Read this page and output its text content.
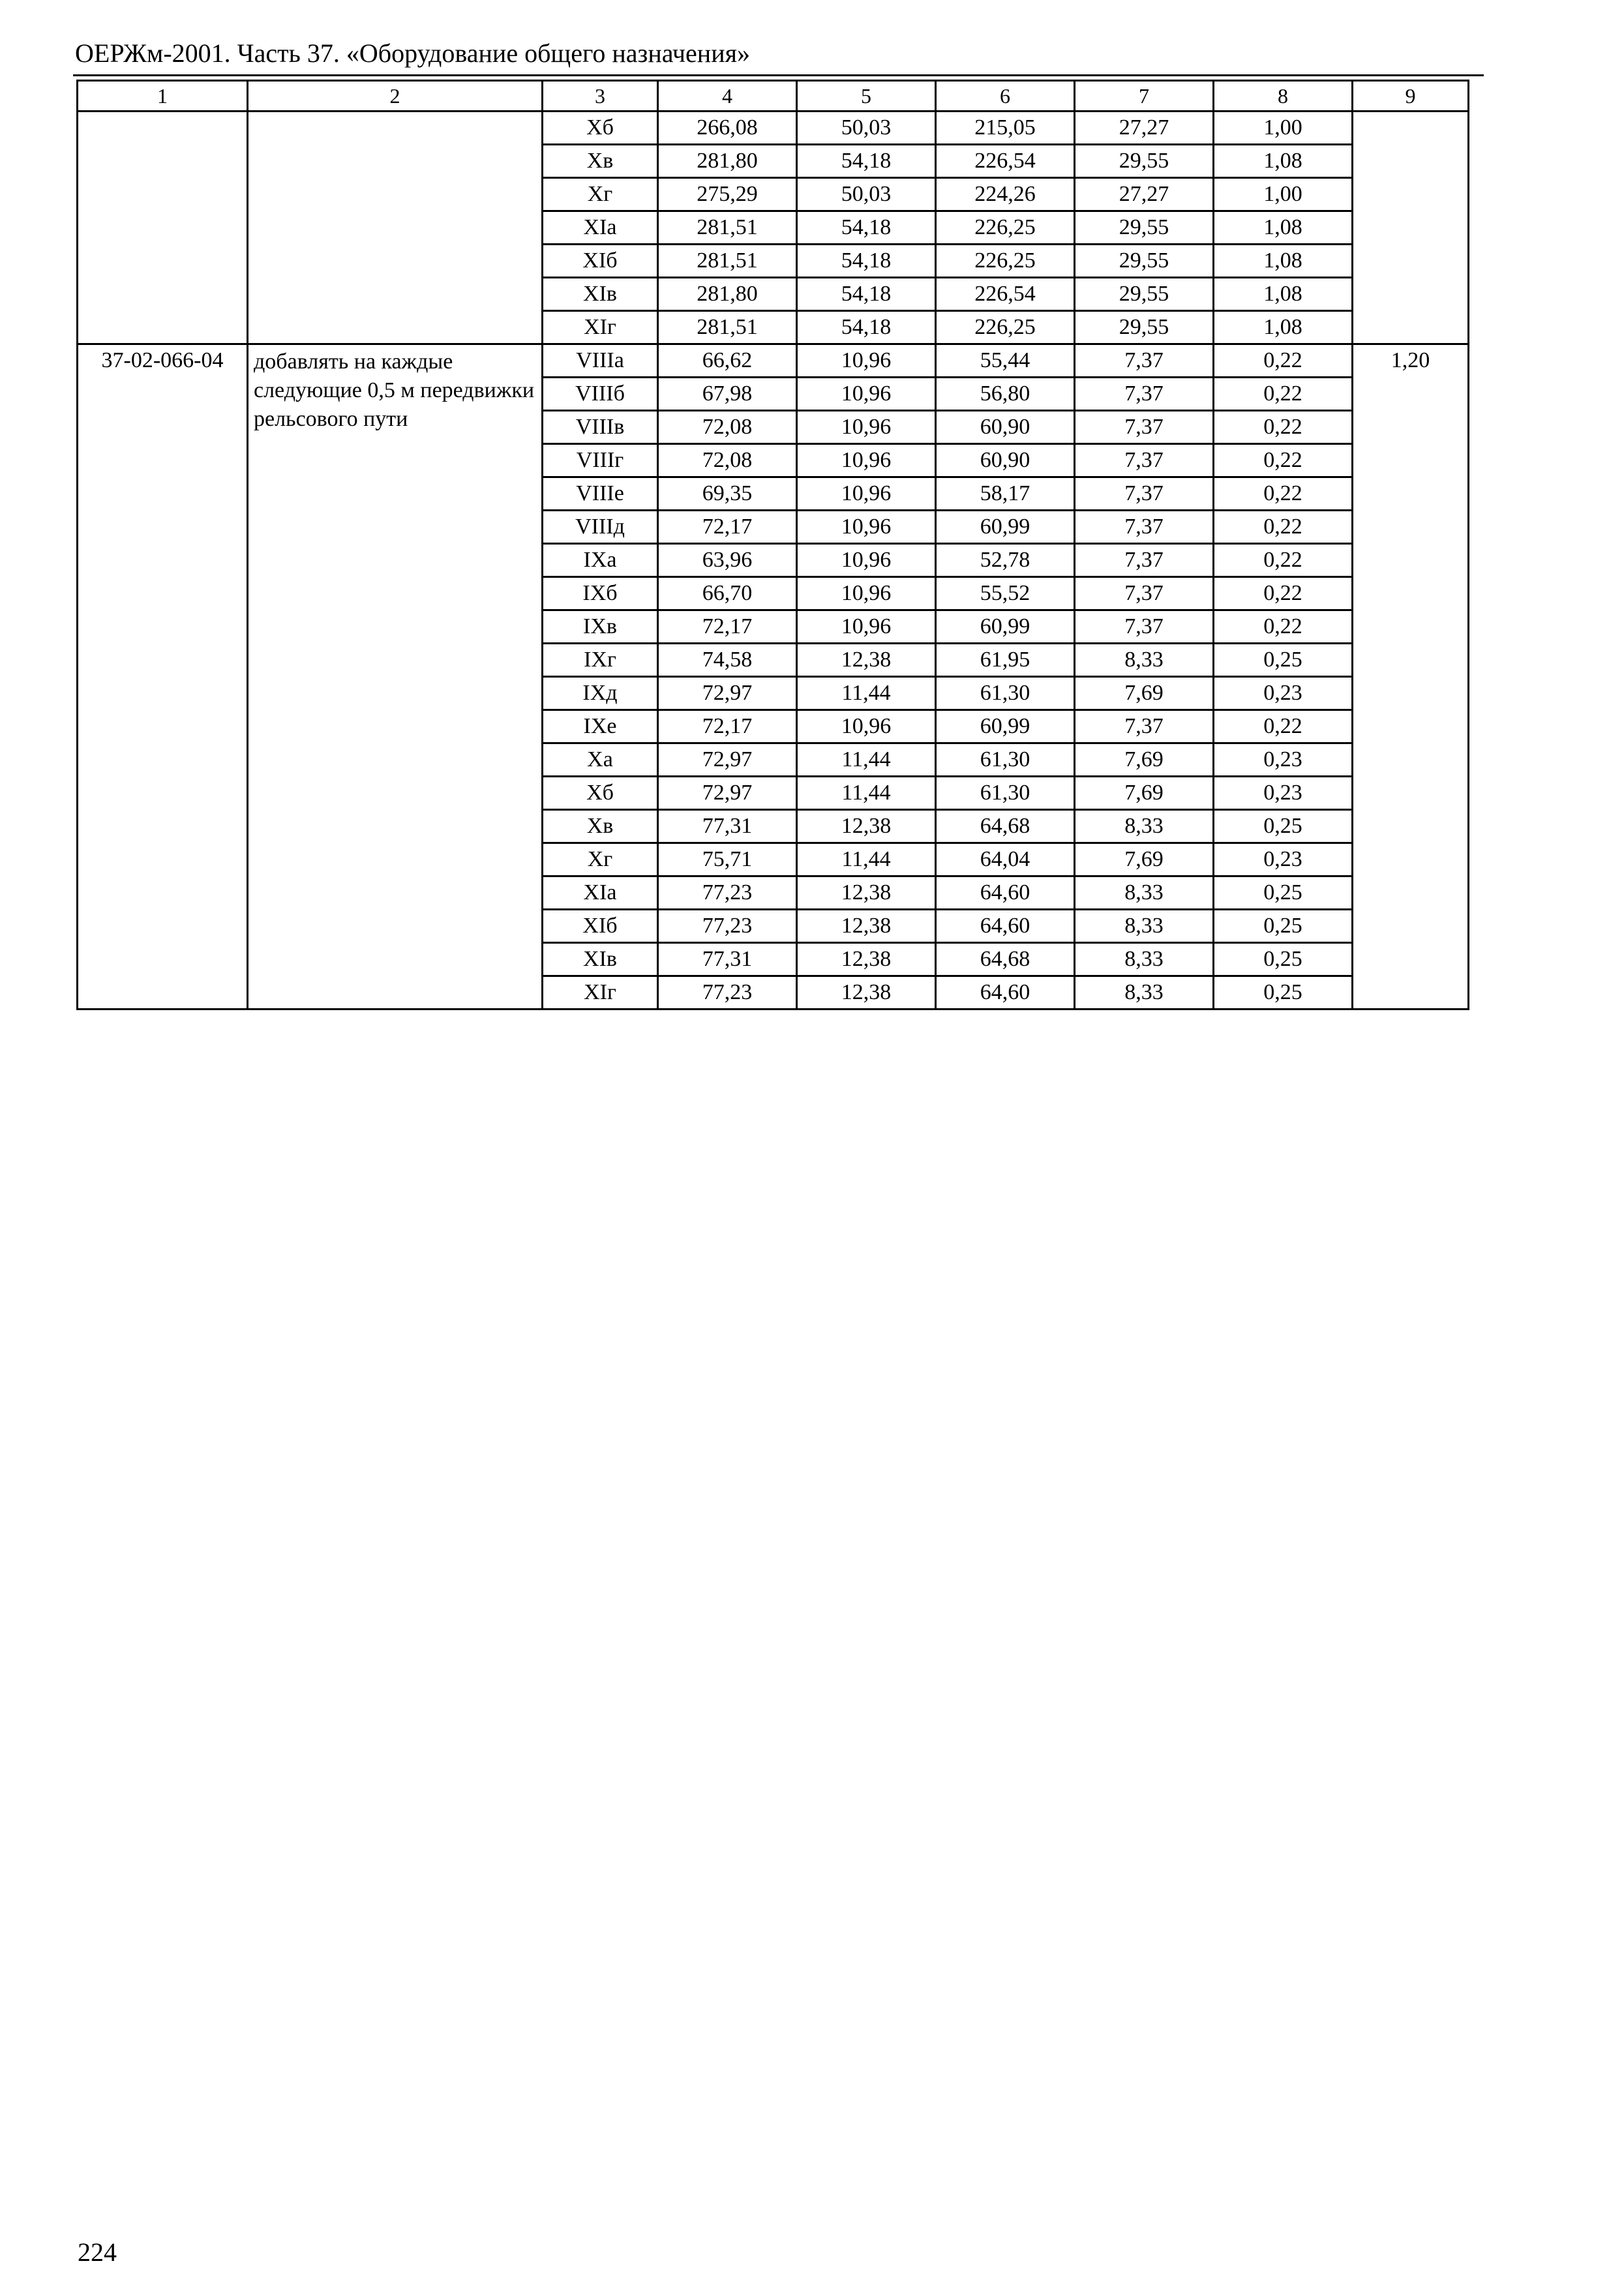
ОЕРЖм-2001. Часть 37. «Оборудование общего назначения»
1	2	3	4	5	6	7	8	9
		Хб	266,08	50,03	215,05	27,27	1,00	
		Хв	281,80	54,18	226,54	29,55	1,08	
		Хг	275,29	50,03	224,26	27,27	1,00	
		ХIа	281,51	54,18	226,25	29,55	1,08	
		ХIб	281,51	54,18	226,25	29,55	1,08	
		ХIв	281,80	54,18	226,54	29,55	1,08	
		ХIг	281,51	54,18	226,25	29,55	1,08	
37-02-066-04	добавлять на каждые следующие 0,5 м передвижки рельсового пути	VIIIа	66,62	10,96	55,44	7,37	0,22	1,20
		VIIIб	67,98	10,96	56,80	7,37	0,22	
		VIIIв	72,08	10,96	60,90	7,37	0,22	
		VIIIг	72,08	10,96	60,90	7,37	0,22	
		VIIIе	69,35	10,96	58,17	7,37	0,22	
		VIIIд	72,17	10,96	60,99	7,37	0,22	
		IXа	63,96	10,96	52,78	7,37	0,22	
		IXб	66,70	10,96	55,52	7,37	0,22	
		IXв	72,17	10,96	60,99	7,37	0,22	
		IXг	74,58	12,38	61,95	8,33	0,25	
		IXд	72,97	11,44	61,30	7,69	0,23	
		IXе	72,17	10,96	60,99	7,37	0,22	
		Ха	72,97	11,44	61,30	7,69	0,23	
		Хб	72,97	11,44	61,30	7,69	0,23	
		Хв	77,31	12,38	64,68	8,33	0,25	
		Хг	75,71	11,44	64,04	7,69	0,23	
		ХIа	77,23	12,38	64,60	8,33	0,25	
		ХIб	77,23	12,38	64,60	8,33	0,25	
		ХIв	77,31	12,38	64,68	8,33	0,25	
		ХIг	77,23	12,38	64,60	8,33	0,25	
224
